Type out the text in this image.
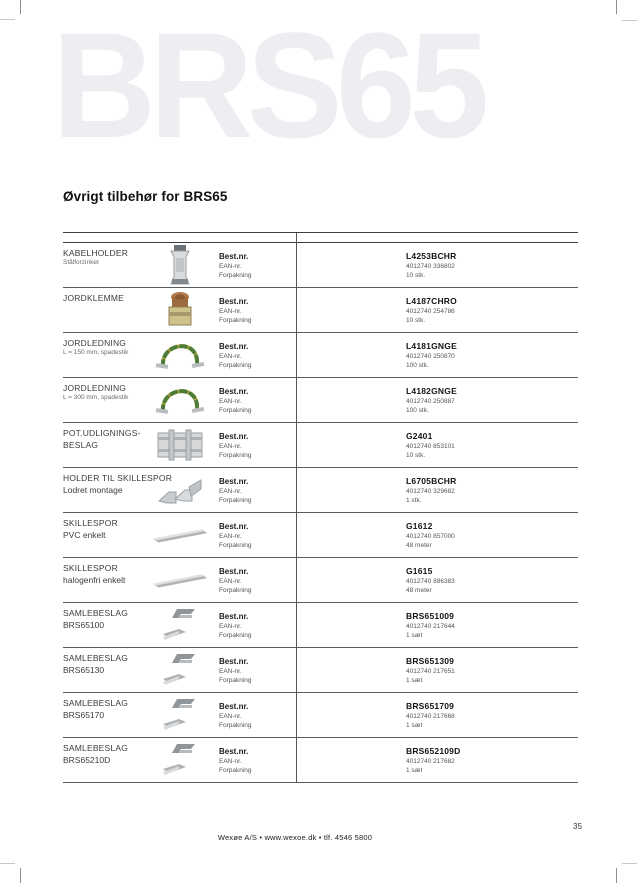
BRS65
Øvrigt tilbehør for BRS65
KABELHOLDER
Stålforzinket
Best.nr.
EAN-nr.
Forpakning
L4253BCHR
4012740 336802
10 stk.
JORDKLEMME	Best.nr.
EAN-nr.
Forpakning
L4187CHRO
4012740 254786
10 stk.
JORDLEDNING
L = 150 mm, spadestik
Best.nr.
EAN-nr.
Forpakning
L4181GNGE
4012740 250870
100 stk.
JORDLEDNING
L = 300 mm, spadestik
Best.nr.
EAN-nr.
Forpakning
L4182GNGE
4012740 250887
100 stk.
POT.UDLIGNINGS-
BESLAG
Best.nr.
EAN-nr.
Forpakning
G2401
4012740 853101
10 stk.
HOLDER TIL SKILLESPOR
Lodret montage
Best.nr.
EAN-nr.
Forpakning
L6705BCHR
4012740 329682
1 stk.
SKILLESPOR
PVC enkelt
Best.nr.
EAN-nr.
Forpakning
G1612
4012740 857000
48 meter
SKILLESPOR
halogenfri enkelt
Best.nr.
EAN-nr.
Forpakning
G1615
4012740 886383
48 meter
SAMLEBESLAG
BRS65100
Best.nr.
EAN-nr.
Forpakning
BRS651009
4012740 217644
1 sæt
SAMLEBESLAG
BRS65130
Best.nr.
EAN-nr.
Forpakning
BRS651309
4012740 217651
1 sæt
SAMLEBESLAG
BRS65170
Best.nr.
EAN-nr.
Forpakning
BRS651709
4012740 217668
1 sæt
SAMLEBESLAG
BRS65210D
Best.nr.
EAN-nr.
Forpakning
BRS652109D
4012740 217682
1 sæt
Wexøe A/S • www.wexoe.dk • tlf. 4546 5800
35
